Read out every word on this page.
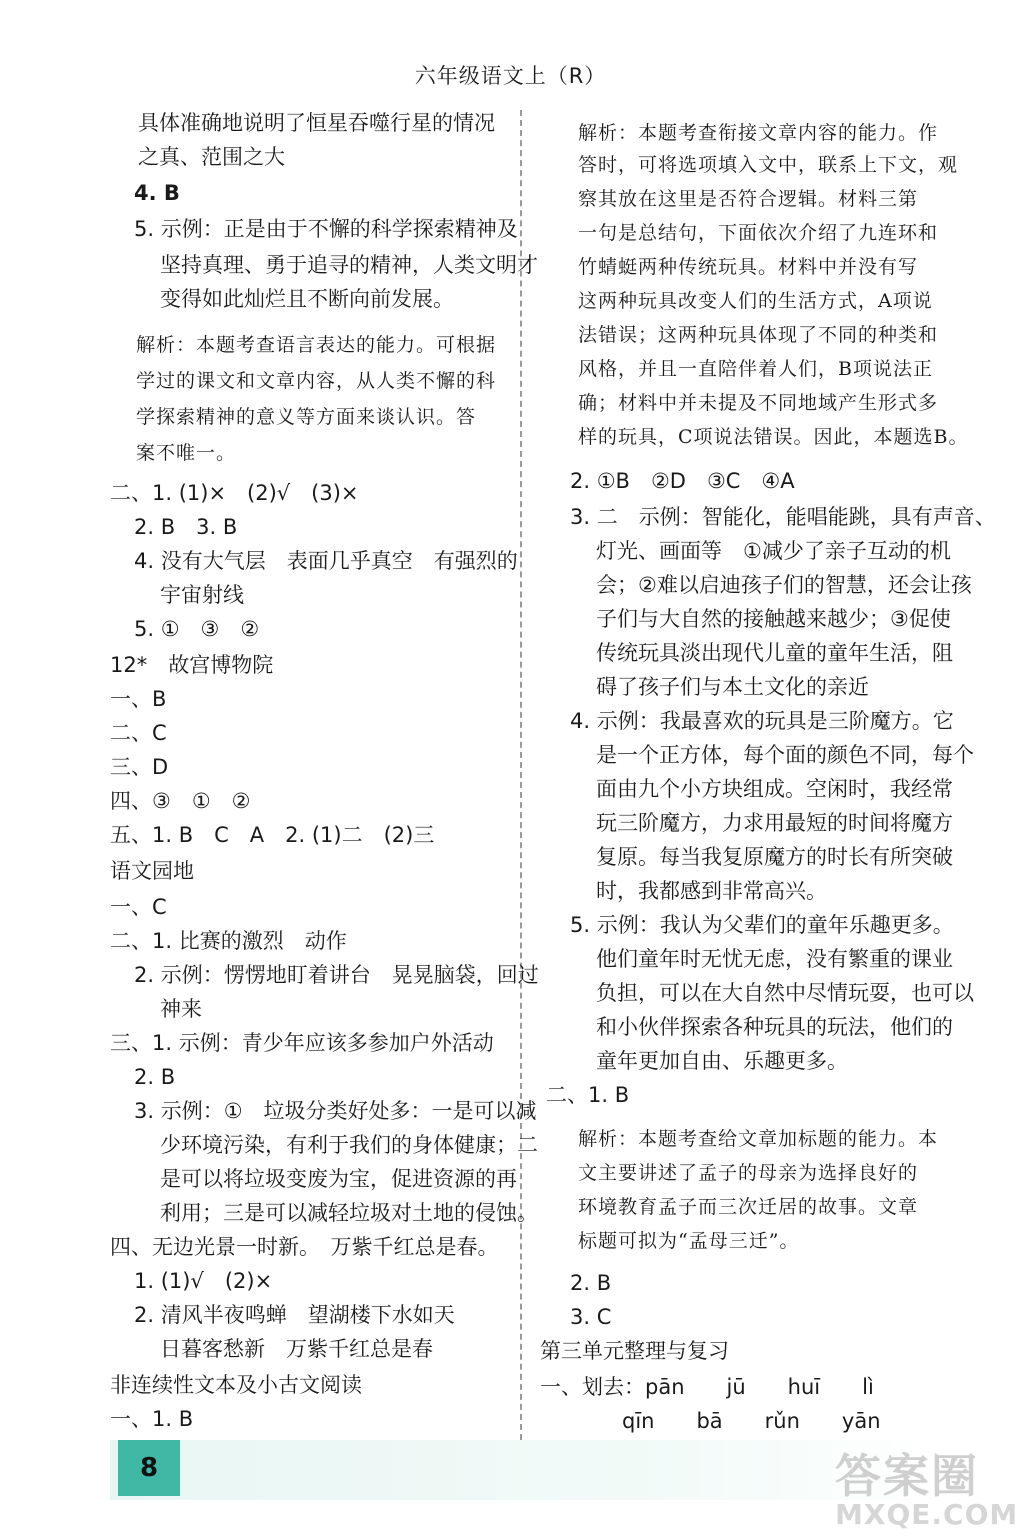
六年级语文上（R）
具体准确地说明了恒星吞噬行星的情况
之真、范围之大
4. B
5. 示例：正是由于不懈的科学探索精神及
坚持真理、勇于追寻的精神，人类文明才
变得如此灿烂且不断向前发展。
解析：本题考查语言表达的能力。可根据
学过的课文和文章内容，从人类不懈的科
学探索精神的意义等方面来谈认识。答
案不唯一。
二、1. (1)×　(2)√　(3)×
2. B　3. B
4. 没有大气层　表面几乎真空　有强烈的
宇宙射线
5. ①　③　②
12*　故宫博物院
一、B
二、C
三、D
四、③　①　②
五、1. B　C　A　2. (1)二　(2)三
语文园地
一、C
二、1. 比赛的激烈　动作
2. 示例：愣愣地盯着讲台　晃晃脑袋，回过
神来
三、1. 示例：青少年应该多参加户外活动
2. B
3. 示例：①　垃圾分类好处多：一是可以减
少环境污染，有利于我们的身体健康；二
是可以将垃圾变废为宝，促进资源的再
利用；三是可以减轻垃圾对土地的侵蚀。
四、无边光景一时新。　万紫千红总是春。
1. (1)√　(2)×
2. 清风半夜鸣蝉　望湖楼下水如天
日暮客愁新　万紫千红总是春
非连续性文本及小古文阅读
一、1. B
解析：本题考查衔接文章内容的能力。作
答时，可将选项填入文中，联系上下文，观
察其放在这里是否符合逻辑。材料三第
一句是总结句，下面依次介绍了九连环和
竹蜻蜓两种传统玩具。材料中并没有写
这两种玩具改变人们的生活方式，A项说
法错误；这两种玩具体现了不同的种类和
风格，并且一直陪伴着人们，B项说法正
确；材料中并未提及不同地域产生形式多
样的玩具，C项说法错误。因此，本题选B。
2. ①B　②D　③C　④A
3. 二　示例：智能化，能唱能跳，具有声音、
灯光、画面等　①减少了亲子互动的机
会；②难以启迪孩子们的智慧，还会让孩
子们与大自然的接触越来越少；③促使
传统玩具淡出现代儿童的童年生活，阻
碍了孩子们与本土文化的亲近
4. 示例：我最喜欢的玩具是三阶魔方。它
是一个正方体，每个面的颜色不同，每个
面由九个小方块组成。空闲时，我经常
玩三阶魔方，力求用最短的时间将魔方
复原。每当我复原魔方的时长有所突破
时，我都感到非常高兴。
5. 示例：我认为父辈们的童年乐趣更多。
他们童年时无忧无虑，没有繁重的课业
负担，可以在大自然中尽情玩耍，也可以
和小伙伴探索各种玩具的玩法，他们的
童年更加自由、乐趣更多。
二、1. B
解析：本题考查给文章加标题的能力。本
文主要讲述了孟子的母亲为选择良好的
环境教育孟子而三次迁居的故事。文章
标题可拟为“孟母三迁”。
2. B
3. C
第三单元整理与复习
一、划去：pān　　jū　　huī　　lì
qīn　　bā　　rǔn　　yān
8	答案圈
MXQE.COM
